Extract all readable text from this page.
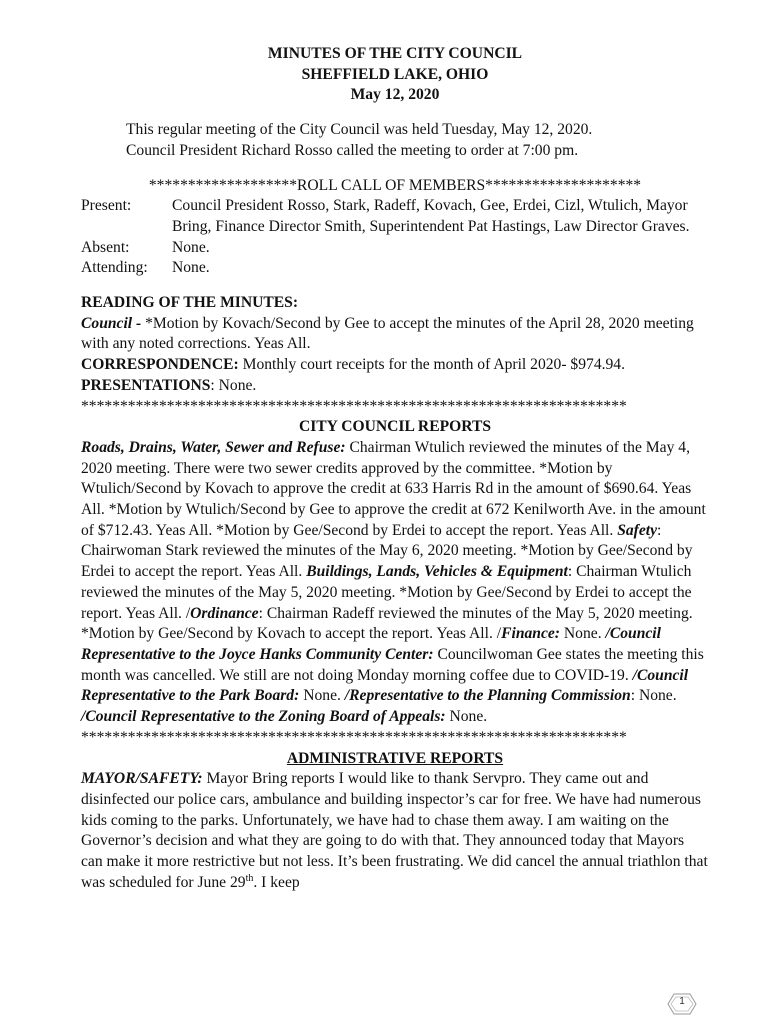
MINUTES OF THE CITY COUNCIL
SHEFFIELD LAKE, OHIO
May 12, 2020
This regular meeting of the City Council was held Tuesday, May 12, 2020.
Council President Richard Rosso called the meeting to order at 7:00 pm.
*******************ROLL CALL OF MEMBERS********************
Present:	Council President Rosso, Stark, Radeff, Kovach, Gee, Erdei, Cizl, Wtulich, Mayor Bring, Finance Director Smith, Superintendent Pat Hastings, Law Director Graves.
Absent:	None.
Attending:	None.
READING OF THE MINUTES:
Council - *Motion by Kovach/Second by Gee to accept the minutes of the April 28, 2020 meeting with any noted corrections. Yeas All.
CORRESPONDENCE: Monthly court receipts for the month of April 2020- $974.94.
PRESENTATIONS: None.
**********************************************************************
CITY COUNCIL REPORTS
Roads, Drains, Water, Sewer and Refuse: Chairman Wtulich reviewed the minutes of the May 4, 2020 meeting. There were two sewer credits approved by the committee. *Motion by Wtulich/Second by Kovach to approve the credit at 633 Harris Rd in the amount of $690.64. Yeas All. *Motion by Wtulich/Second by Gee to approve the credit at 672 Kenilworth Ave. in the amount of $712.43. Yeas All. *Motion by Gee/Second by Erdei to accept the report. Yeas All. Safety: Chairwoman Stark reviewed the minutes of the May 6, 2020 meeting. *Motion by Gee/Second by Erdei to accept the report. Yeas All. Buildings, Lands, Vehicles & Equipment: Chairman Wtulich reviewed the minutes of the May 5, 2020 meeting. *Motion by Gee/Second by Erdei to accept the report. Yeas All. /Ordinance: Chairman Radeff reviewed the minutes of the May 5, 2020 meeting. *Motion by Gee/Second by Kovach to accept the report. Yeas All. /Finance: None. /Council Representative to the Joyce Hanks Community Center: Councilwoman Gee states the meeting this month was cancelled. We still are not doing Monday morning coffee due to COVID-19. /Council Representative to the Park Board: None. /Representative to the Planning Commission: None. /Council Representative to the Zoning Board of Appeals: None.
**********************************************************************
ADMINISTRATIVE REPORTS
MAYOR/SAFETY: Mayor Bring reports I would like to thank Servpro. They came out and disinfected our police cars, ambulance and building inspector’s car for free. We have had numerous kids coming to the parks. Unfortunately, we have had to chase them away. I am waiting on the Governor’s decision and what they are going to do with that. They announced today that Mayors can make it more restrictive but not less. It’s been frustrating. We did cancel the annual triathlon that was scheduled for June 29th. I keep
1
